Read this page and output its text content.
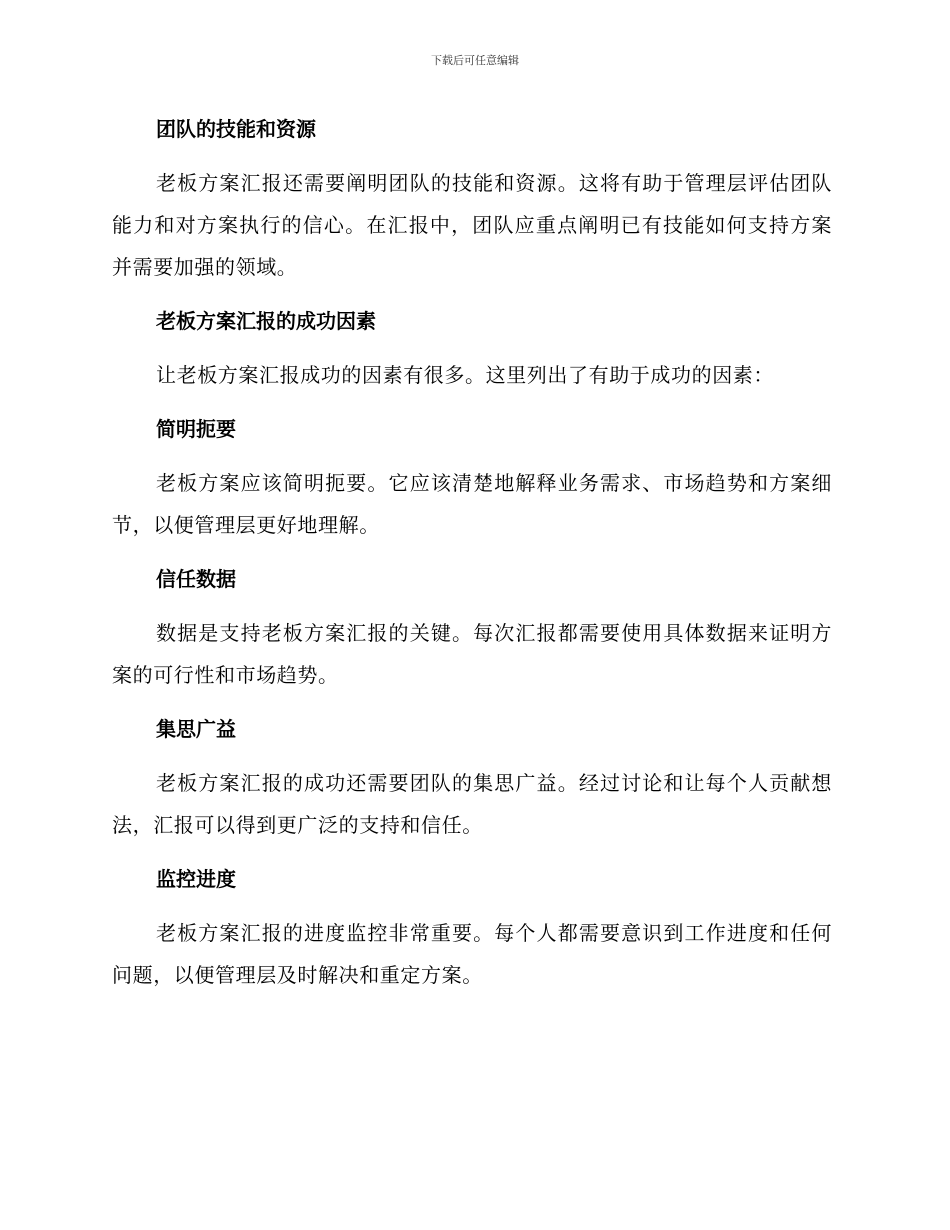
下载后可任意编辑
团队的技能和资源

老板方案汇报还需要阐明团队的技能和资源。这将有助于管理层评估团队能力和对方案执行的信心。在汇报中，团队应重点阐明已有技能如何支持方案并需要加强的领域。

老板方案汇报的成功因素

让老板方案汇报成功的因素有很多。这里列出了有助于成功的因素：

简明扼要

老板方案应该简明扼要。它应该清楚地解释业务需求、市场趋势和方案细节，以便管理层更好地理解。

信任数据

数据是支持老板方案汇报的关键。每次汇报都需要使用具体数据来证明方案的可行性和市场趋势。

集思广益

老板方案汇报的成功还需要团队的集思广益。经过讨论和让每个人贡献想法，汇报可以得到更广泛的支持和信任。

监控进度

老板方案汇报的进度监控非常重要。每个人都需要意识到工作进度和任何问题，以便管理层及时解决和重定方案。
